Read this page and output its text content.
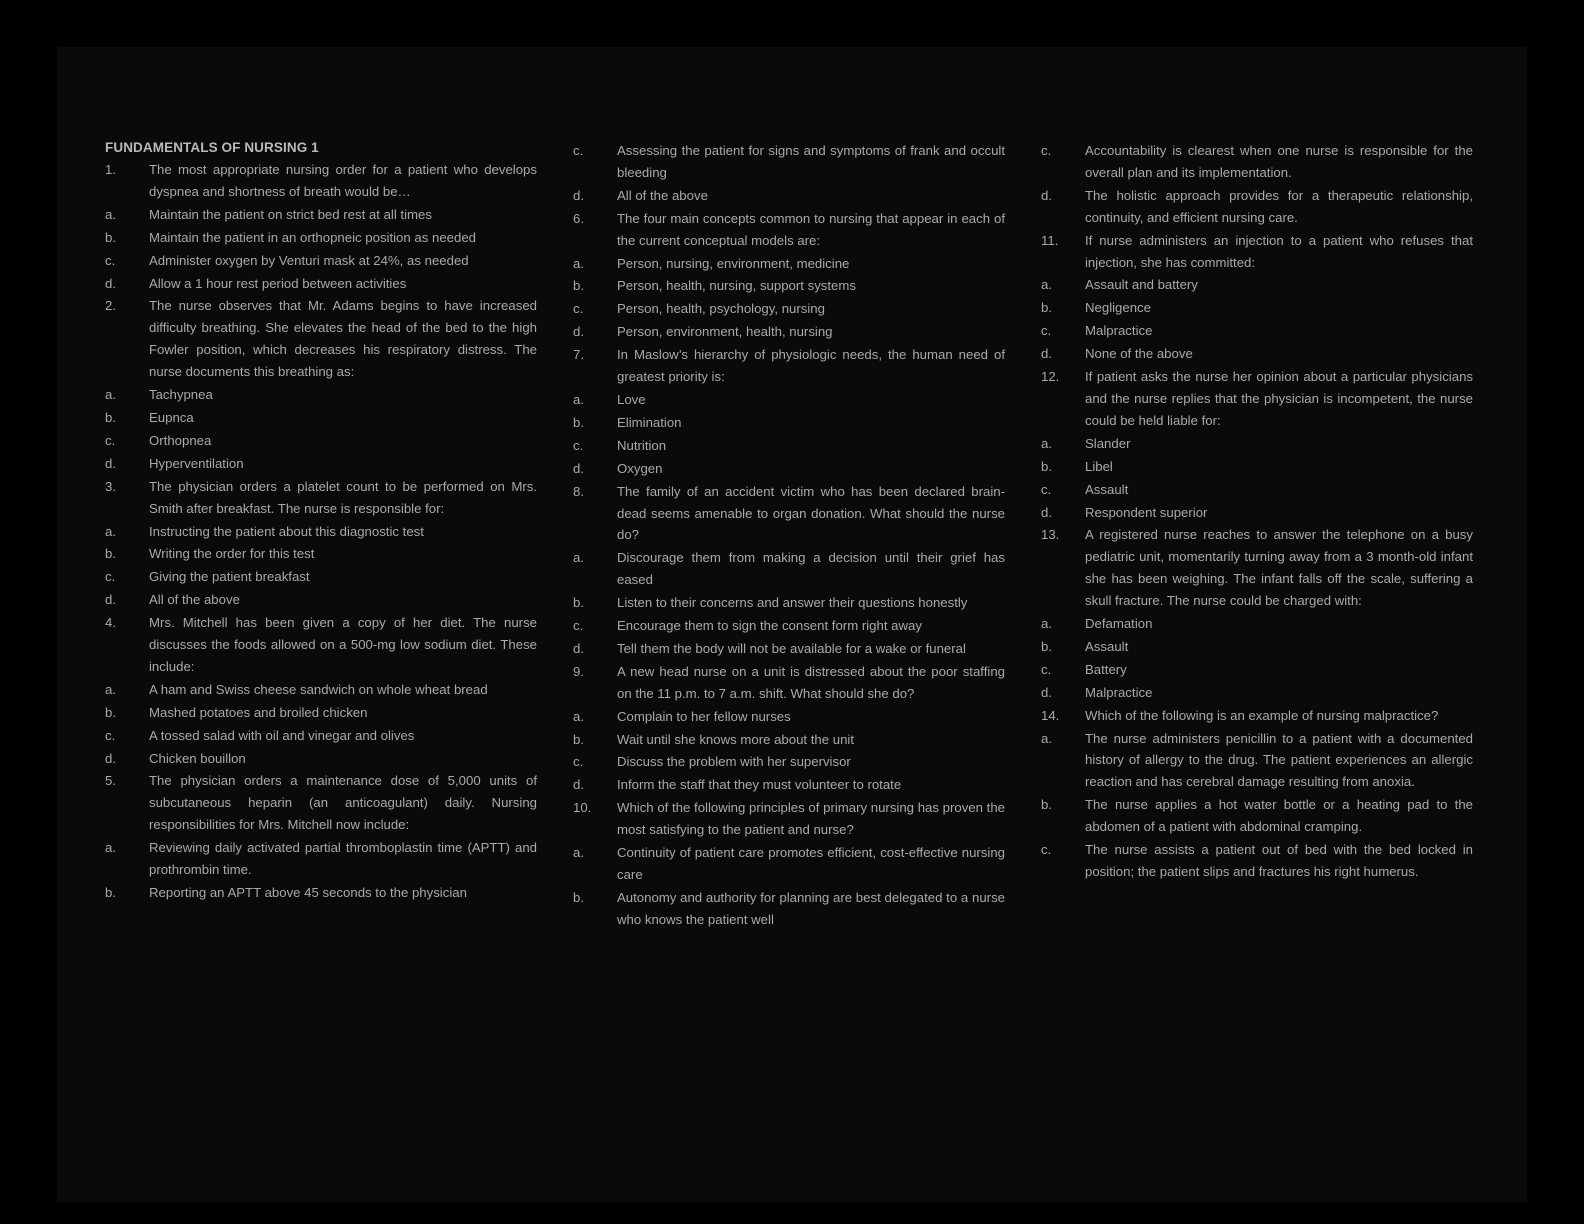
FUNDAMENTALS OF NURSING 1
1.	The most appropriate nursing order for a patient who develops dyspnea and shortness of breath would be…
a.	Maintain the patient on strict bed rest at all times
b.	Maintain the patient in an orthopneic position as needed
c.	Administer oxygen by Venturi mask at 24%, as needed
d.	Allow a 1 hour rest period between activities
2.	The nurse observes that Mr. Adams begins to have increased difficulty breathing. She elevates the head of the bed to the high Fowler position, which decreases his respiratory distress. The nurse documents this breathing as:
a.	Tachypnea
b.	Eupnca
c.	Orthopnea
d.	Hyperventilation
3.	The physician orders a platelet count to be performed on Mrs. Smith after breakfast. The nurse is responsible for:
a.	Instructing the patient about this diagnostic test
b.	Writing the order for this test
c.	Giving the patient breakfast
d.	All of the above
4.	Mrs. Mitchell has been given a copy of her diet. The nurse discusses the foods allowed on a 500-mg low sodium diet. These include:
a.	A ham and Swiss cheese sandwich on whole wheat bread
b.	Mashed potatoes and broiled chicken
c.	A tossed salad with oil and vinegar and olives
d.	Chicken bouillon
5.	The physician orders a maintenance dose of 5,000 units of subcutaneous heparin (an anticoagulant) daily. Nursing responsibilities for Mrs. Mitchell now include:
a.	Reviewing daily activated partial thromboplastin time (APTT) and prothrombin time.
b.	Reporting an APTT above 45 seconds to the physician
c.	Assessing the patient for signs and symptoms of frank and occult bleeding
d.	All of the above
6.	The four main concepts common to nursing that appear in each of the current conceptual models are:
a.	Person, nursing, environment, medicine
b.	Person, health, nursing, support systems
c.	Person, health, psychology, nursing
d.	Person, environment, health, nursing
7.	In Maslow’s hierarchy of physiologic needs, the human need of greatest priority is:
a.	Love
b.	Elimination
c.	Nutrition
d.	Oxygen
8.	The family of an accident victim who has been declared brain-dead seems amenable to organ donation. What should the nurse do?
a.	Discourage them from making a decision until their grief has eased
b.	Listen to their concerns and answer their questions honestly
c.	Encourage them to sign the consent form right away
d.	Tell them the body will not be available for a wake or funeral
9.	A new head nurse on a unit is distressed about the poor staffing on the 11 p.m. to 7 a.m. shift. What should she do?
a.	Complain to her fellow nurses
b.	Wait until she knows more about the unit
c.	Discuss the problem with her supervisor
d.	Inform the staff that they must volunteer to rotate
10.	Which of the following principles of primary nursing has proven the most satisfying to the patient and nurse?
a.	Continuity of patient care promotes efficient, cost-effective nursing care
b.	Autonomy and authority for planning are best delegated to a nurse who knows the patient well
c.	Accountability is clearest when one nurse is responsible for the overall plan and its implementation.
d.	The holistic approach provides for a therapeutic relationship, continuity, and efficient nursing care.
11.	If nurse administers an injection to a patient who refuses that injection, she has committed:
a.	Assault and battery
b.	Negligence
c.	Malpractice
d.	None of the above
12.	If patient asks the nurse her opinion about a particular physicians and the nurse replies that the physician is incompetent, the nurse could be held liable for:
a.	Slander
b.	Libel
c.	Assault
d.	Respondent superior
13.	A registered nurse reaches to answer the telephone on a busy pediatric unit, momentarily turning away from a 3 month-old infant she has been weighing. The infant falls off the scale, suffering a skull fracture. The nurse could be charged with:
a.	Defamation
b.	Assault
c.	Battery
d.	Malpractice
14.	Which of the following is an example of nursing malpractice?
a.	The nurse administers penicillin to a patient with a documented history of allergy to the drug. The patient experiences an allergic reaction and has cerebral damage resulting from anoxia.
b.	The nurse applies a hot water bottle or a heating pad to the abdomen of a patient with abdominal cramping.
c.	The nurse assists a patient out of bed with the bed locked in position; the patient slips and fractures his right humerus.
